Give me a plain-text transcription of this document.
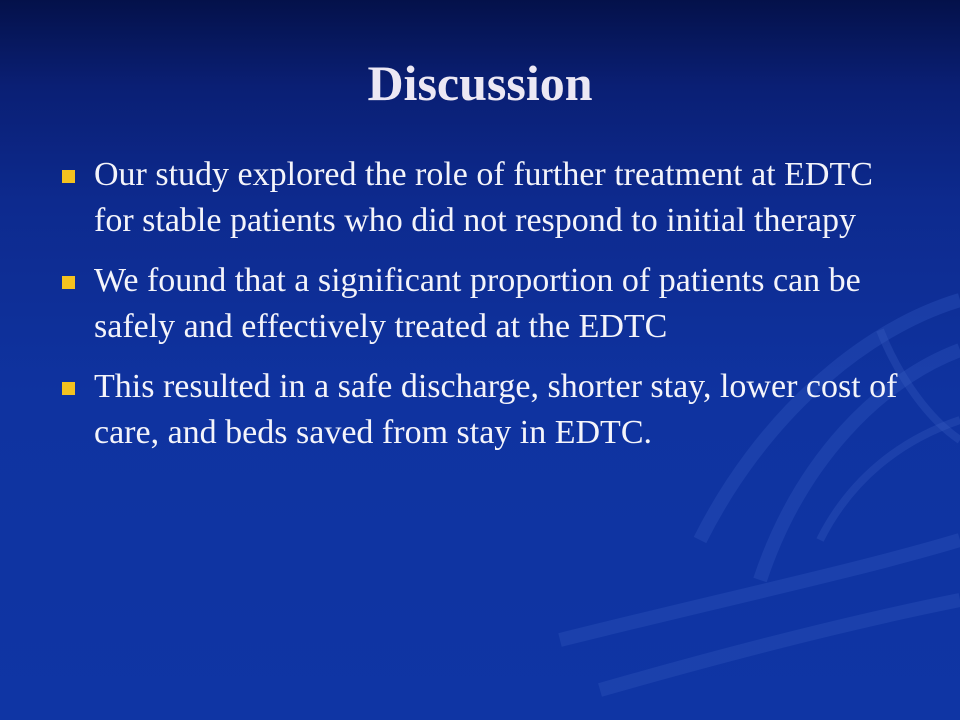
Discussion
Our study explored the role of further treatment at EDTC for stable patients who did not respond to initial therapy
We found that a significant proportion of patients can be safely and effectively treated at the EDTC
This resulted in a safe discharge, shorter stay, lower cost of care, and beds saved from stay in EDTC.
